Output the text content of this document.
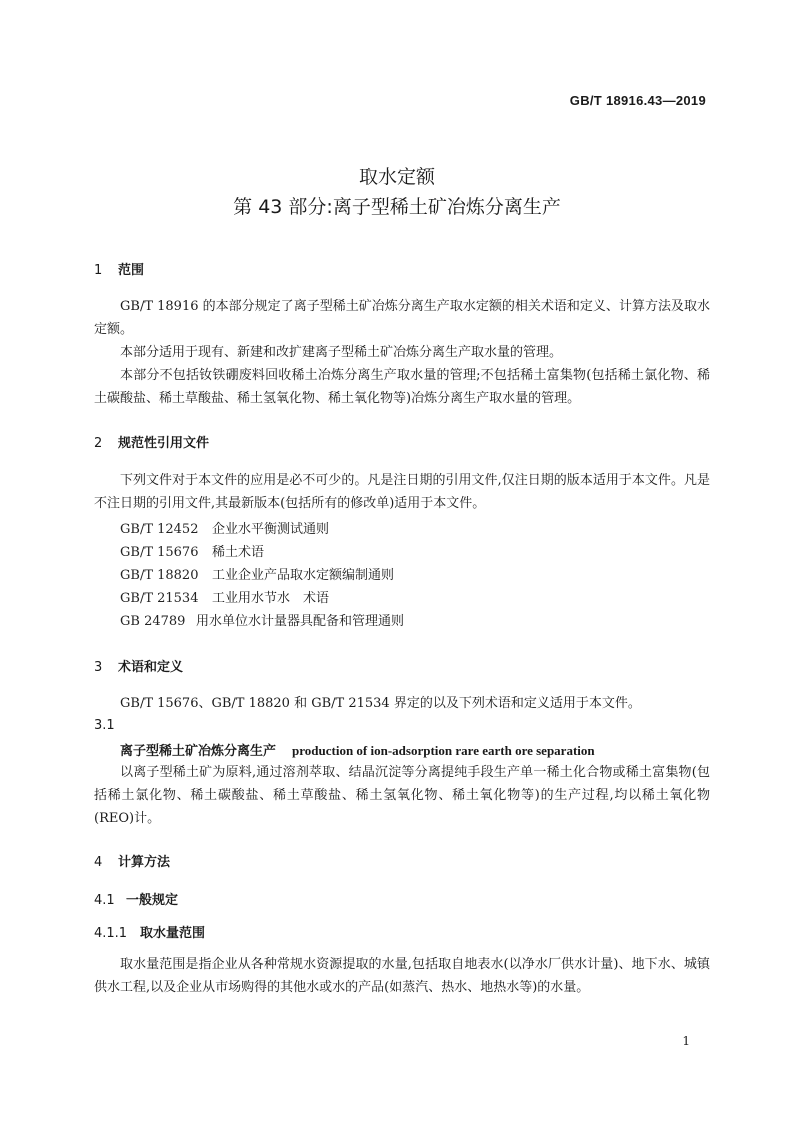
GB/T 18916.43—2019
取水定额
第 43 部分:离子型稀土矿冶炼分离生产
1 范围

GB/T 18916 的本部分规定了离子型稀土矿冶炼分离生产取水定额的相关术语和定义、计算方法及取水定额。

本部分适用于现有、新建和改扩建离子型稀土矿冶炼分离生产取水量的管理。

本部分不包括钕铁硼废料回收稀土冶炼分离生产取水量的管理;不包括稀土富集物(包括稀土氯化物、稀土碳酸盐、稀土草酸盐、稀土氢氧化物、稀土氧化物等)冶炼分离生产取水量的管理。

2 规范性引用文件

下列文件对于本文件的应用是必不可少的。凡是注日期的引用文件,仅注日期的版本适用于本文件。凡是不注日期的引用文件,其最新版本(包括所有的修改单)适用于本文件。

GB/T 12452 企业水平衡测试通则
GB/T 15676 稀土术语
GB/T 18820 工业企业产品取水定额编制通则
GB/T 21534 工业用水节水　术语
GB 24789 用水单位水计量器具配备和管理通则
3 术语和定义

GB/T 15676、GB/T 18820 和 GB/T 21534 界定的以及下列术语和定义适用于本文件。

3.1
离子型稀土矿冶炼分离生产 production of ion-adsorption rare earth ore separation

以离子型稀土矿为原料,通过溶剂萃取、结晶沉淀等分离提纯手段生产单一稀土化合物或稀土富集物(包括稀土氯化物、稀土碳酸盐、稀土草酸盐、稀土氢氧化物、稀土氧化物等)的生产过程,均以稀土氧化物(REO)计。

4 计算方法
4.1 一般规定
4.1.1 取水量范围

取水量范围是指企业从各种常规水资源提取的水量,包括取自地表水(以净水厂供水计量)、地下水、城镇供水工程,以及企业从市场购得的其他水或水的产品(如蒸汽、热水、地热水等)的水量。

1
